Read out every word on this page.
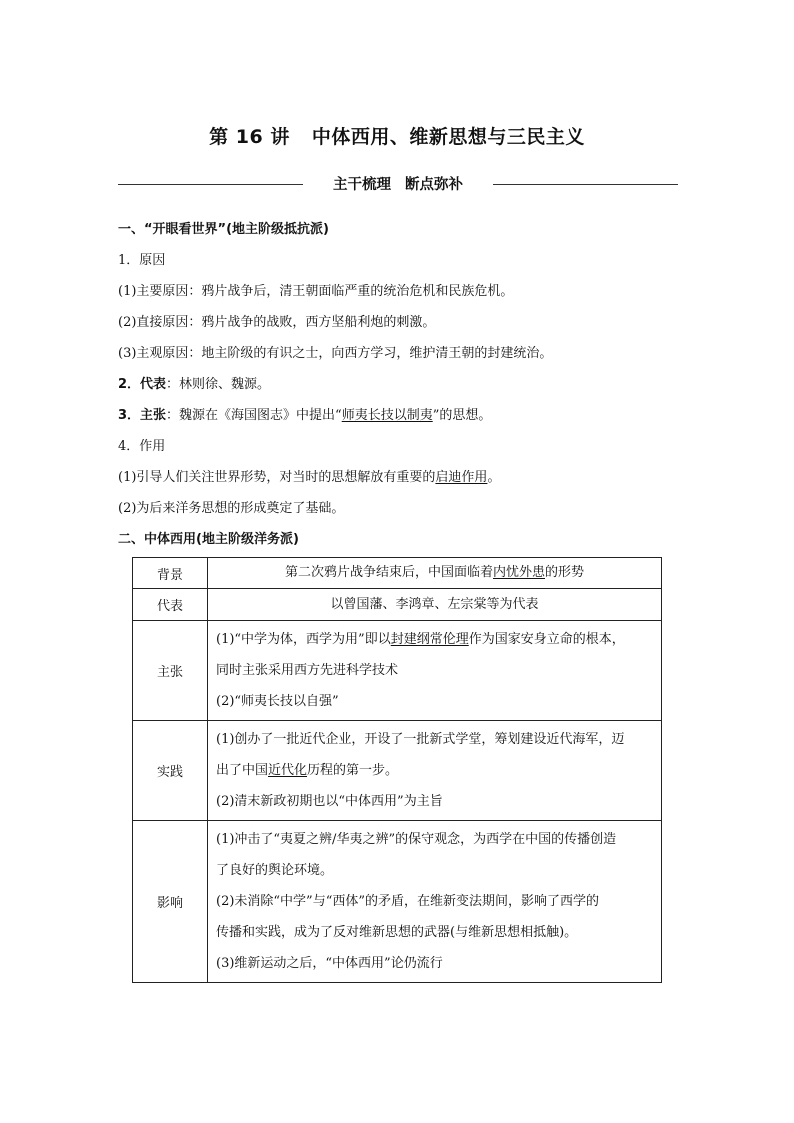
第 16 讲 中体西用、维新思想与三民主义
主干梳理 断点弥补
一、“开眼看世界”(地主阶级抵抗派)
1．原因
(1)主要原因：鸦片战争后，清王朝面临严重的统治危机和民族危机。
(2)直接原因：鸦片战争的战败，西方坚船利炮的刺激。
(3)主观原因：地主阶级的有识之士，向西方学习，维护清王朝的封建统治。
2．代表：林则徐、魏源。
3．主张：魏源在《海国图志》中提出“师夷长技以制夷”的思想。
4．作用
(1)引导人们关注世界形势，对当时的思想解放有重要的启迪作用。
(2)为后来洋务思想的形成奠定了基础。
二、中体西用(地主阶级洋务派)
背景	第二次鸦片战争结束后，中国面临着内忧外患的形势
代表	以曾国藩、李鸿章、左宗棠等为代表
主张	(1)“中学为体，西学为用”即以封建纲常伦理作为国家安身立命的根本，

同时主张采用西方先进科学技术

(2)“师夷长技以自强”

实践	(1)创办了一批近代企业，开设了一批新式学堂，筹划建设近代海军，迈

出了中国近代化历程的第一步。

(2)清末新政初期也以“中体西用”为主旨

影响	(1)冲击了“夷夏之辨/华夷之辨”的保守观念，为西学在中国的传播创造

了良好的舆论环境。

(2)未消除“中学”与“西体”的矛盾，在维新变法期间，影响了西学的

传播和实践，成为了反对维新思想的武器(与维新思想相抵触)。

(3)维新运动之后，“中体西用”论仍流行
